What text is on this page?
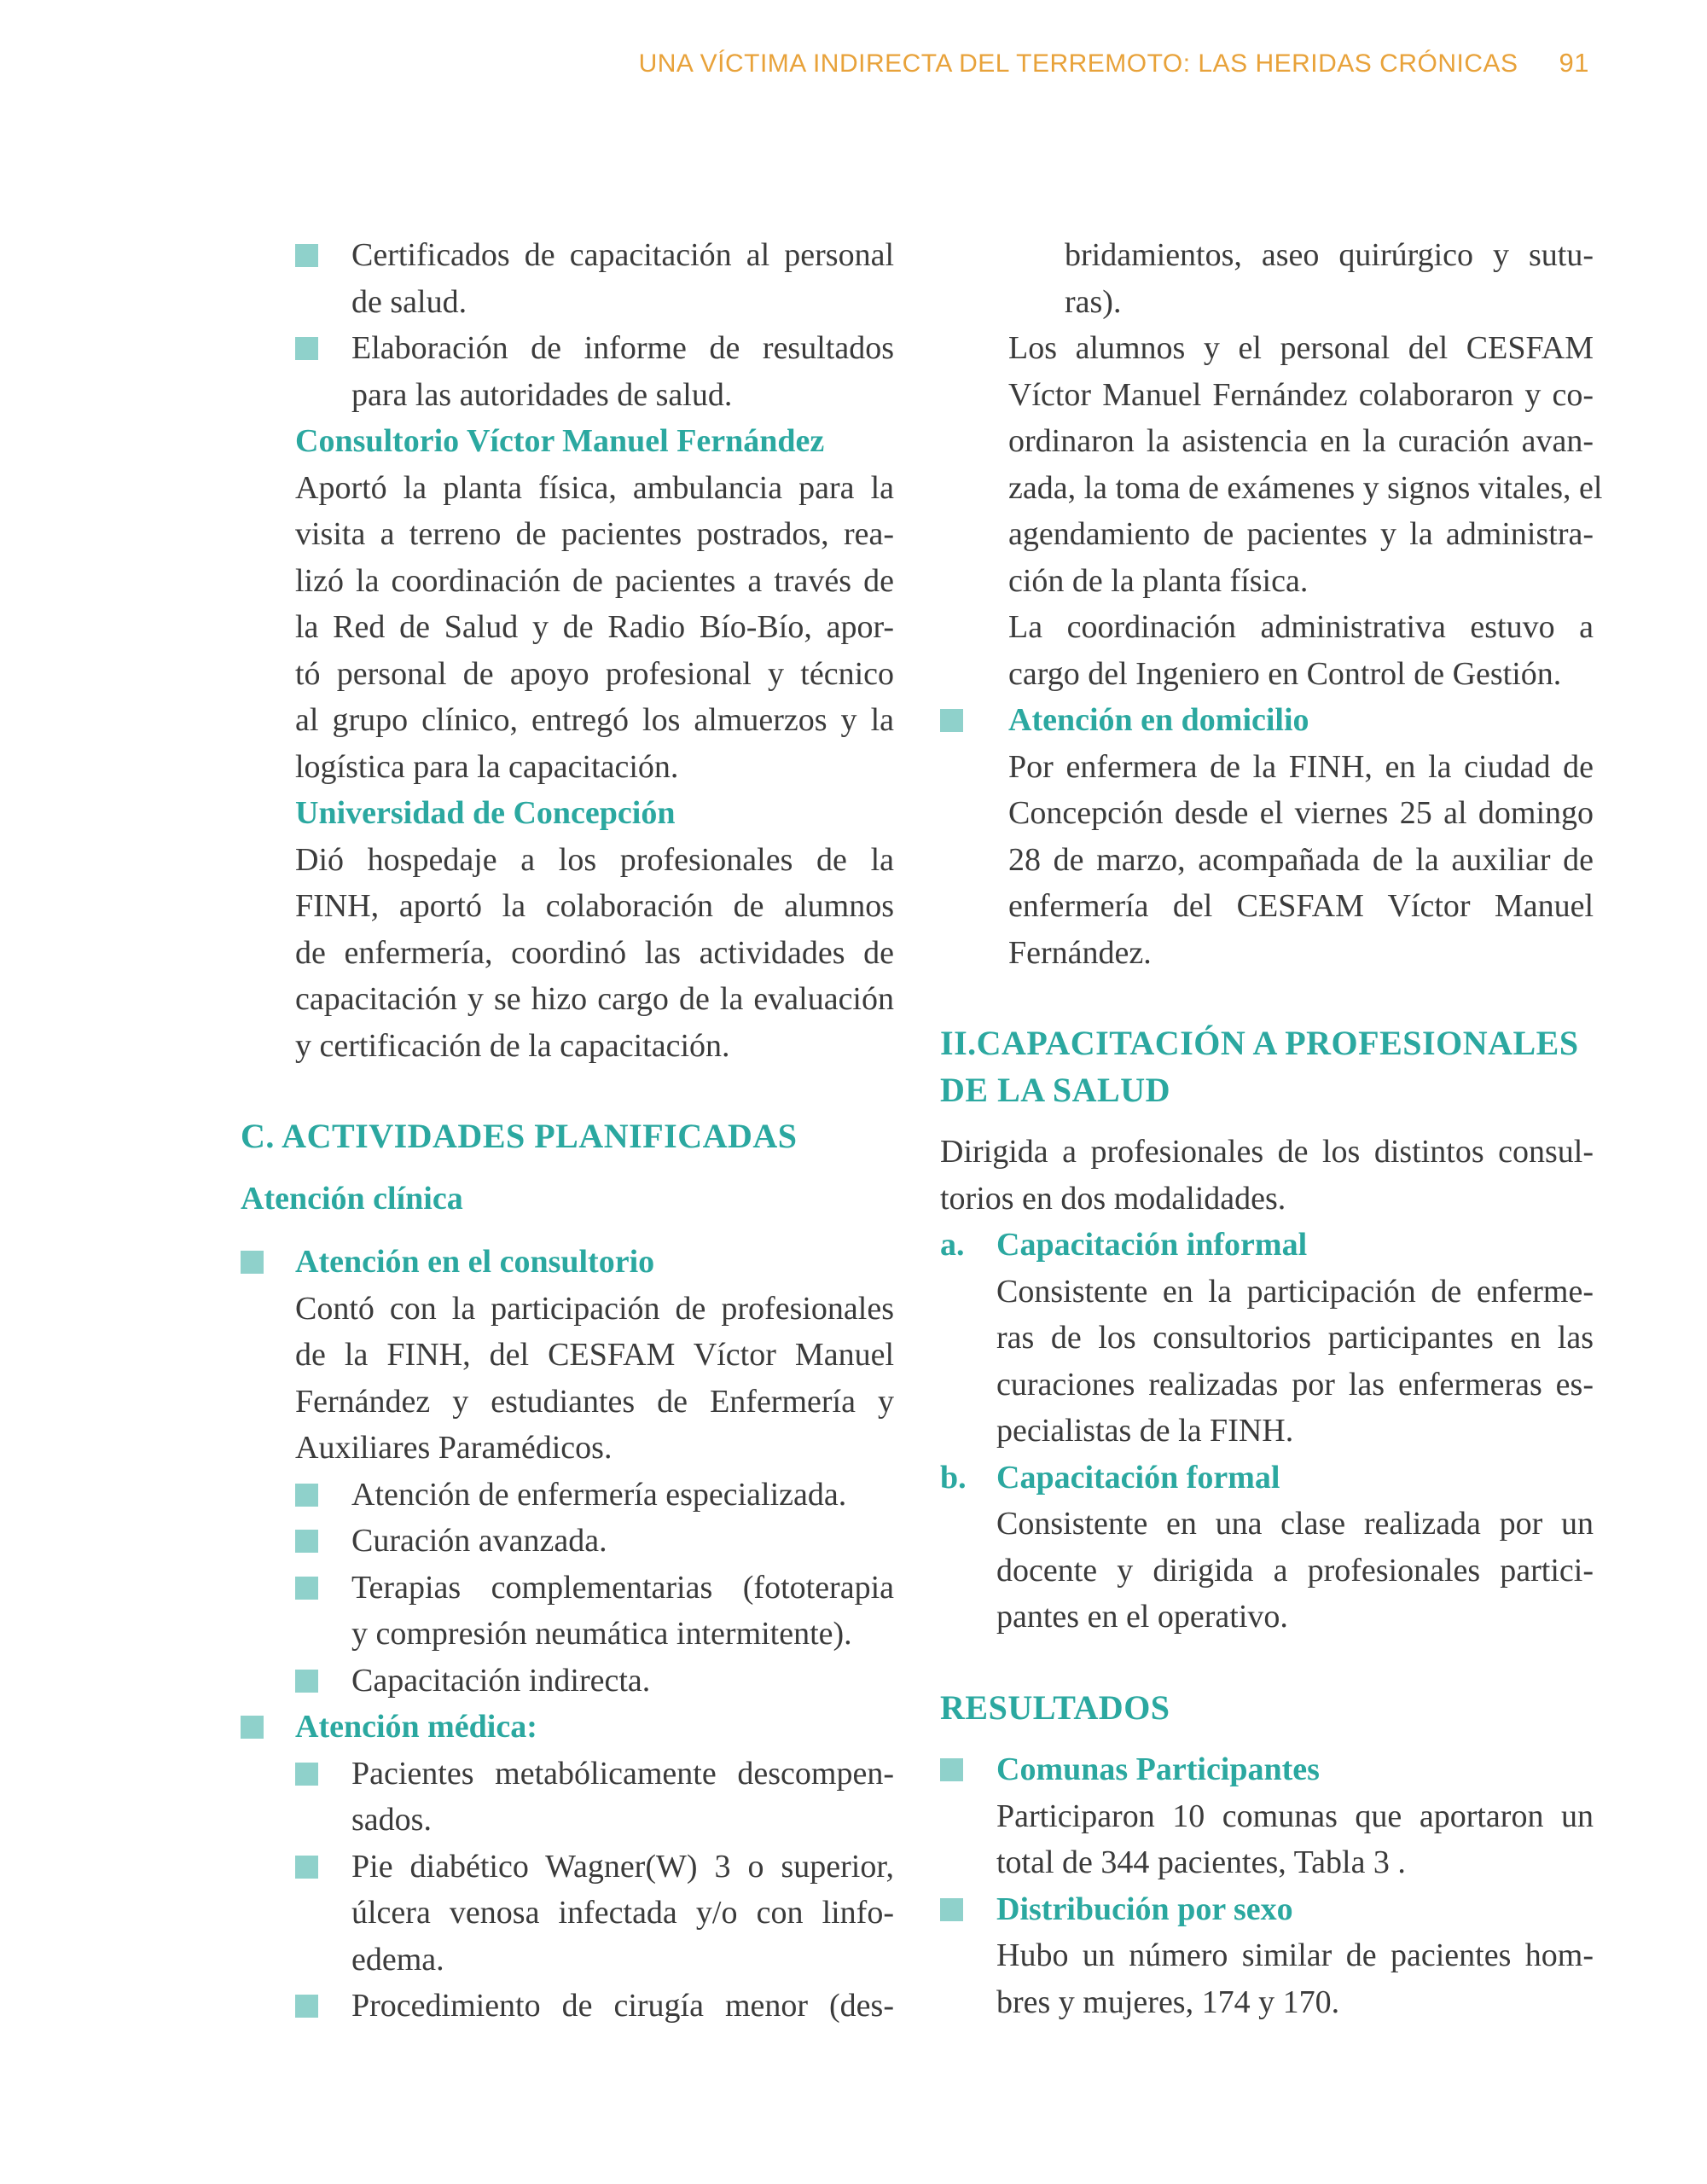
UNA VÍCTIMA INDIRECTA DEL TERREMOTO: LAS HERIDAS CRÓNICAS 91
Certificados de capacitación al personal
de salud.
Elaboración de informe de resultados
para las autoridades de salud.
Consultorio Víctor Manuel Fernández
Aportó la planta física, ambulancia para la
visita a terreno de pacientes postrados, rea-
lizó la coordinación de pacientes a través de
la Red de Salud y de Radio Bío-Bío, apor-
tó personal de apoyo profesional y técnico
al grupo clínico, entregó los almuerzos y la
logística para la capacitación.
Universidad de Concepción
Dió hospedaje a los profesionales de la
FINH, aportó la colaboración de alumnos
de enfermería, coordinó las actividades de
capacitación y se hizo cargo de la evaluación
y certificación de la capacitación.
C. ACTIVIDADES PLANIFICADAS
Atención clínica
Atención en el consultorio
Contó con la participación de profesionales
de la FINH, del CESFAM Víctor Manuel
Fernández y estudiantes de Enfermería y
Auxiliares Paramédicos.
Atención de enfermería especializada.
Curación avanzada.
Terapias complementarias (fototerapia
y compresión neumática intermitente).
Capacitación indirecta.
Atención médica:
Pacientes metabólicamente descompen-
sados.
Pie diabético Wagner(W) 3 o superior,
úlcera venosa infectada y/o con linfo-
edema.
Procedimiento de cirugía menor (des-
bridamientos, aseo quirúrgico y sutu-
ras).
Los alumnos y el personal del CESFAM
Víctor Manuel Fernández colaboraron y co-
ordinaron la asistencia en la curación avan-
zada, la toma de exámenes y signos vitales, el
agendamiento de pacientes y la administra-
ción de la planta física.
La coordinación administrativa estuvo a
cargo del Ingeniero en Control de Gestión.
Atención en domicilio
Por enfermera de la FINH, en la ciudad de
Concepción desde el viernes 25 al domingo
28 de marzo, acompañada de la auxiliar de
enfermería del CESFAM Víctor Manuel
Fernández.
II.CAPACITACIÓN A PROFESIONALES
DE LA SALUD
Dirigida a profesionales de los distintos consul-
torios en dos modalidades.
a. Capacitación informal
Consistente en la participación de enferme-
ras de los consultorios participantes en las
curaciones realizadas por las enfermeras es-
pecialistas de la FINH.
b. Capacitación formal
Consistente en una clase realizada por un
docente y dirigida a profesionales partici-
pantes en el operativo.
RESULTADOS
Comunas Participantes
Participaron 10 comunas que aportaron un
total de 344 pacientes, Tabla 3 .
Distribución por sexo
Hubo un número similar de pacientes hom-
bres y mujeres, 174 y 170.
